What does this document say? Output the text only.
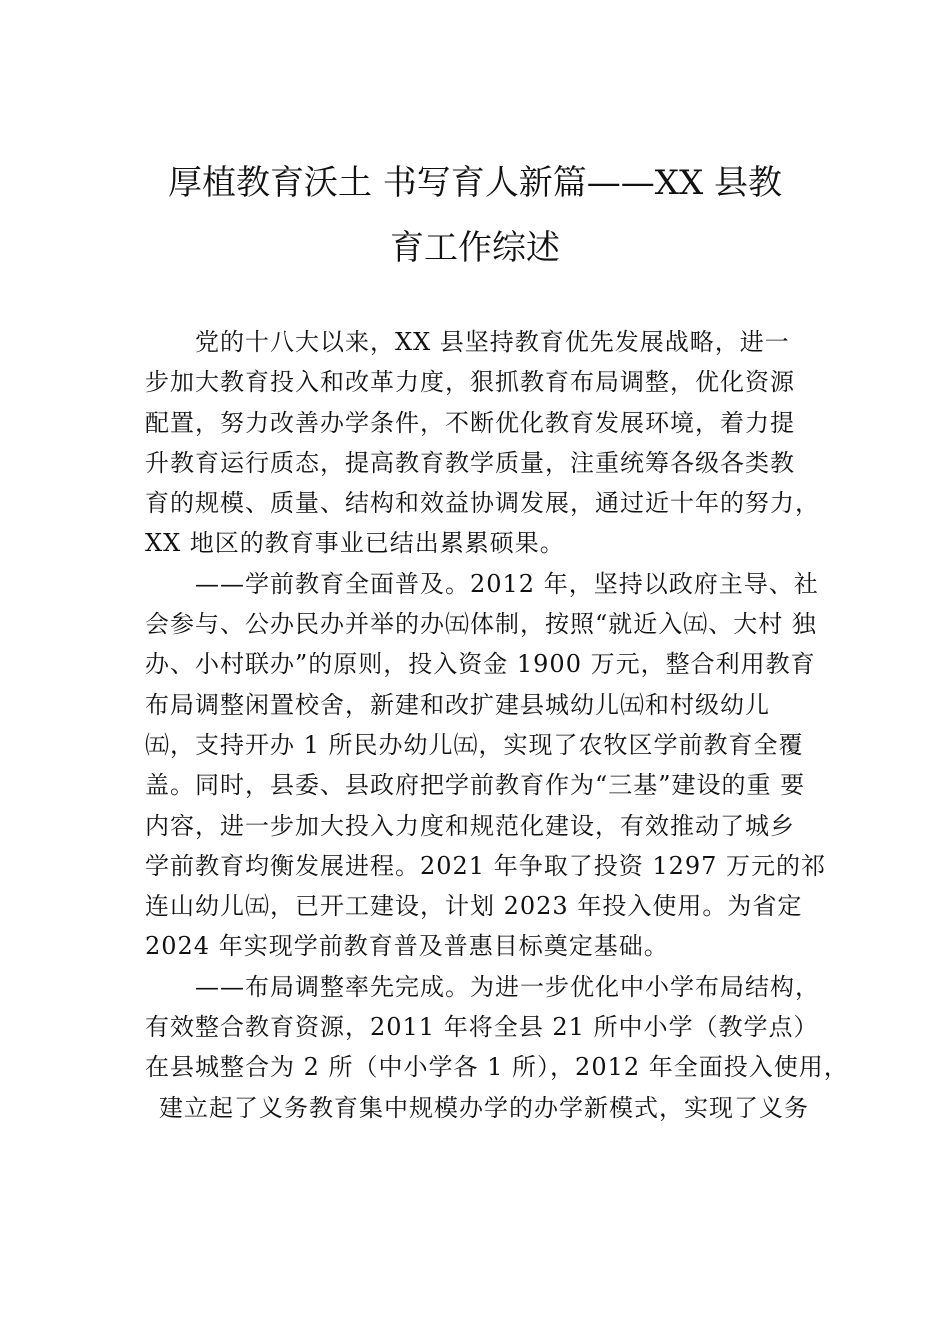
厚植教育沃土 书写育人新篇——XX 县教
育工作综述
党的十八大以来，XX 县坚持教育优先发展战略，进一
步加大教育投入和改革力度，狠抓教育布局调整，优化资源
配置，努力改善办学条件，不断优化教育发展环境，着力提
升教育运行质态，提高教育教学质量，注重统筹各级各类教
育的规模、质量、结构和效益协调发展，通过近十年的努力，
XX 地区的教育事业已结出累累硕果。
——学前教育全面普及。2012 年，坚持以政府主导、社
会参与、公办民办并举的办㈤体制，按照“就近入㈤、大村 独
办、小村联办”的原则，投入资金 1900 万元，整合利用教育
布局调整闲置校舍，新建和改扩建县城幼儿㈤和村级幼儿
㈤，支持开办 1 所民办幼儿㈤，实现了农牧区学前教育全覆
盖。同时，县委、县政府把学前教育作为“三基”建设的重 要
内容，进一步加大投入力度和规范化建设，有效推动了城乡
学前教育均衡发展进程。2021 年争取了投资 1297 万元的祁
连山幼儿㈤，已开工建设，计划 2023 年投入使用。为省定
2024 年实现学前教育普及普惠目标奠定基础。
——布局调整率先完成。为进一步优化中小学布局结构，
有效整合教育资源，2011 年将全县 21 所中小学（教学点）
在县城整合为 2 所（中小学各 1 所），2012 年全面投入使用，
建立起了义务教育集中规模办学的办学新模式，实现了义务
